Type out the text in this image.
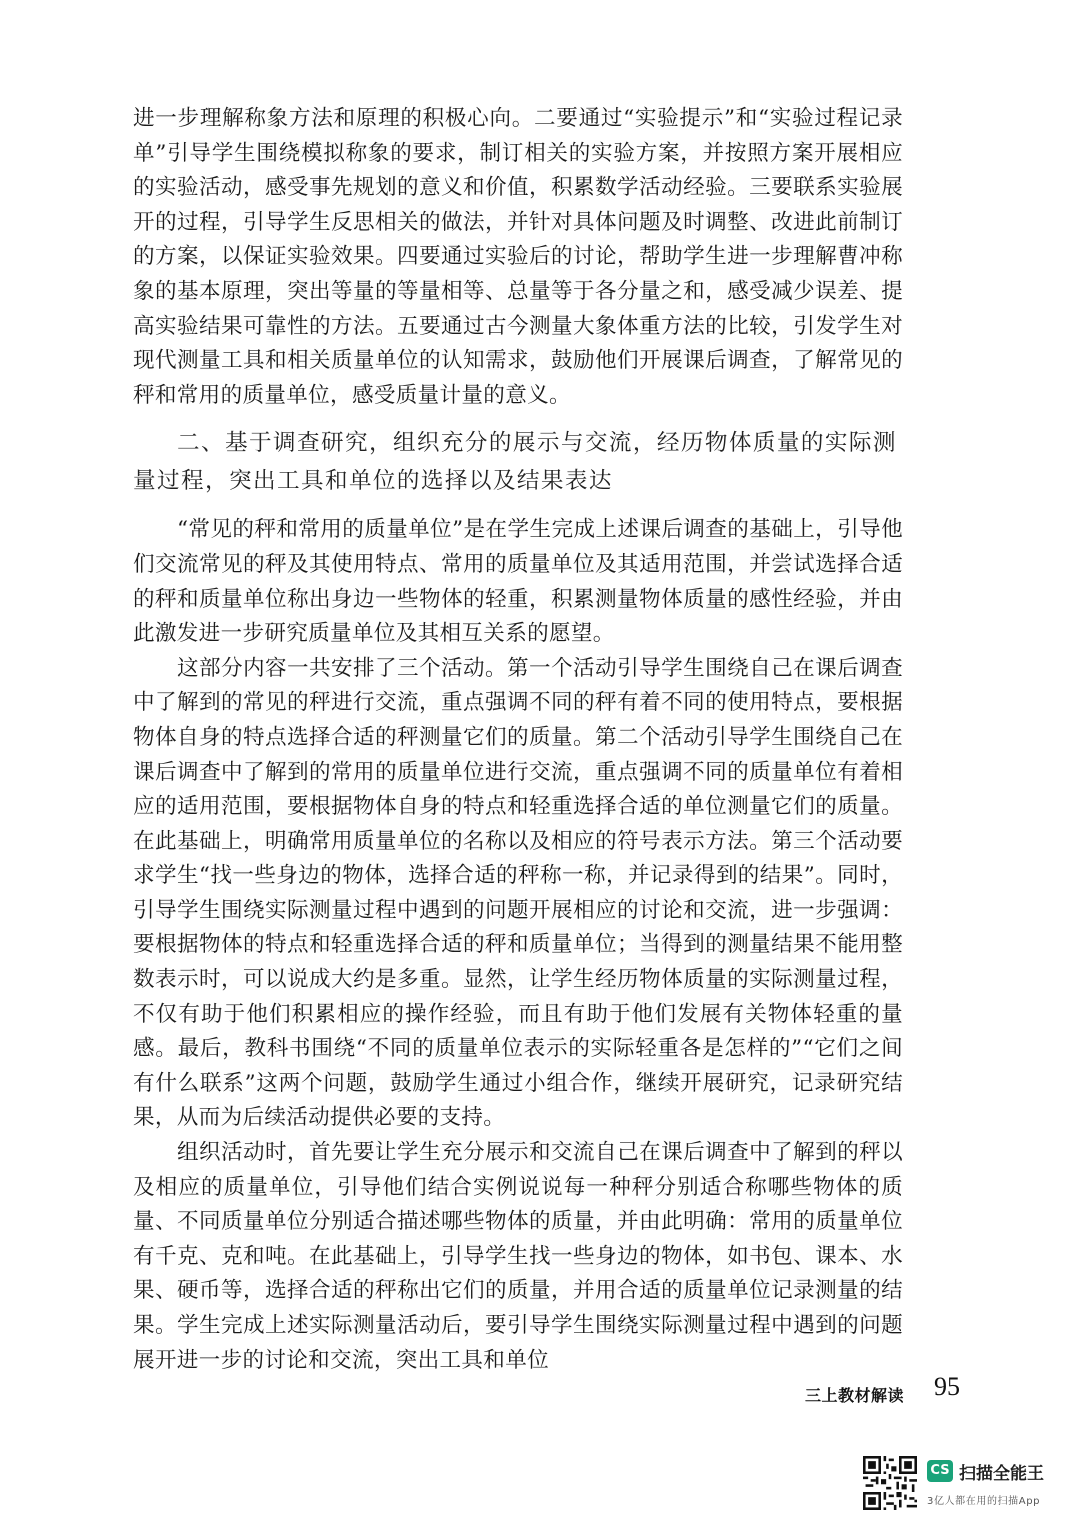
进一步理解称象方法和原理的积极心向。二要通过“实验提示”和“实验过程记录单”引导学生围绕模拟称象的要求，制订相关的实验方案，并按照方案开展相应的实验活动，感受事先规划的意义和价值，积累数学活动经验。三要联系实验展开的过程，引导学生反思相关的做法，并针对具体问题及时调整、改进此前制订的方案，以保证实验效果。四要通过实验后的讨论，帮助学生进一步理解曹冲称象的基本原理，突出等量的等量相等、总量等于各分量之和，感受减少误差、提高实验结果可靠性的方法。五要通过古今测量大象体重方法的比较，引发学生对现代测量工具和相关质量单位的认知需求，鼓励他们开展课后调查，了解常见的秤和常用的质量单位，感受质量计量的意义。

二、基于调查研究，组织充分的展示与交流，经历物体质量的实际测量过程，突出工具和单位的选择以及结果表达

“常见的秤和常用的质量单位”是在学生完成上述课后调查的基础上，引导他们交流常见的秤及其使用特点、常用的质量单位及其适用范围，并尝试选择合适的秤和质量单位称出身边一些物体的轻重，积累测量物体质量的感性经验，并由此激发进一步研究质量单位及其相互关系的愿望。

这部分内容一共安排了三个活动。第一个活动引导学生围绕自己在课后调查中了解到的常见的秤进行交流，重点强调不同的秤有着不同的使用特点，要根据物体自身的特点选择合适的秤测量它们的质量。第二个活动引导学生围绕自己在课后调查中了解到的常用的质量单位进行交流，重点强调不同的质量单位有着相应的适用范围，要根据物体自身的特点和轻重选择合适的单位测量它们的质量。在此基础上，明确常用质量单位的名称以及相应的符号表示方法。第三个活动要求学生“找一些身边的物体，选择合适的秤称一称，并记录得到的结果”。同时，引导学生围绕实际测量过程中遇到的问题开展相应的讨论和交流，进一步强调：要根据物体的特点和轻重选择合适的秤和质量单位；当得到的测量结果不能用整数表示时，可以说成大约是多重。显然，让学生经历物体质量的实际测量过程，不仅有助于他们积累相应的操作经验，而且有助于他们发展有关物体轻重的量感。最后，教科书围绕“不同的质量单位表示的实际轻重各是怎样的”“它们之间有什么联系”这两个问题，鼓励学生通过小组合作，继续开展研究，记录研究结果，从而为后续活动提供必要的支持。

组织活动时，首先要让学生充分展示和交流自己在课后调查中了解到的秤以及相应的质量单位，引导他们结合实例说说每一种秤分别适合称哪些物体的质量、不同质量单位分别适合描述哪些物体的质量，并由此明确：常用的质量单位有千克、克和吨。在此基础上，引导学生找一些身边的物体，如书包、课本、水果、硬币等，选择合适的秤称出它们的质量，并用合适的质量单位记录测量的结果。学生完成上述实际测量活动后，要引导学生围绕实际测量过程中遇到的问题展开进一步的讨论和交流，突出工具和单位

三上教材解读 95
CS 扫描全能王
3亿人都在用的扫描App
